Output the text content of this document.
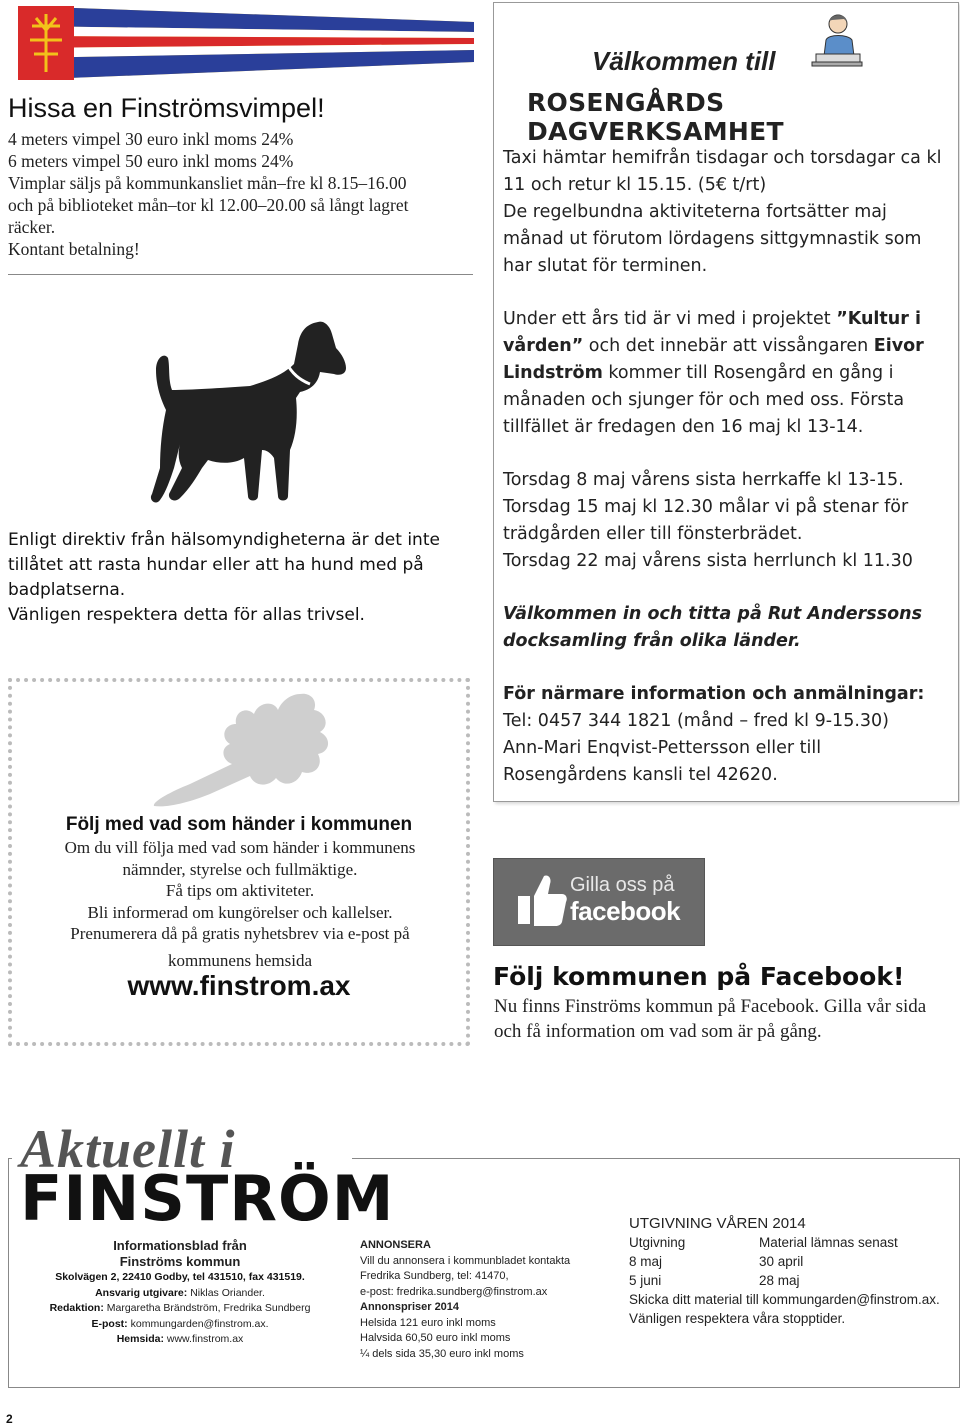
Hissa en Finströmsvimpel!
4 meters vimpel 30 euro inkl moms 24%
6 meters vimpel 50 euro inkl moms 24%
Vimplar säljs på kommunkansliet mån–fre kl 8.15–16.00
och på biblioteket mån–tor kl 12.00–20.00 så långt lagret
räcker.
Kontant betalning!
Enligt direktiv från hälsomyndigheterna är det inte
tillåtet att rasta hundar eller att ha hund med på
badplatserna.
Vänligen respektera detta för allas trivsel.
Följ med vad som händer i kommunen
Om du vill följa med vad som händer i kommunens
nämnder, styrelse och fullmäktige.
Få tips om aktiviteter.
Bli informerad om kungörelser och kallelser.
Prenumerera då på gratis nyhetsbrev via e-post på
kommunens hemsida
www.finstrom.ax
Välkommen till
ROSENGÅRDS DAGVERKSAMHET

Taxi hämtar hemifrån tisdagar och torsdagar ca kl 11 och retur kl 15.15. (5€ t/rt)
De regelbundna aktiviteterna fortsätter maj månad ut förutom lördagens sittgymnastik som har slutat för terminen.

Under ett års tid är vi med i projektet ”Kultur i vården” och det innebär att vissångaren Eivor Lindström kommer till Rosengård en gång i månaden och sjunger för och med oss. Första tillfället är fredagen den 16 maj kl 13-14.

Torsdag 8 maj vårens sista herrkaffe kl 13-15.
Torsdag 15 maj kl 12.30 målar vi på stenar för trädgården eller till fönsterbrädet.
Torsdag 22 maj vårens sista herrlunch kl 11.30

Välkommen in och titta på Rut Anderssons docksamling från olika länder.

För närmare information och anmälningar:
Tel: 0457 344 1821 (månd – fred kl 9-15.30)
Ann-Mari Enqvist-Pettersson eller till
Rosengårdens kansli tel 42620.

Gilla oss på
facebook
Följ kommunen på Facebook!
Nu finns Finströms kommun på Facebook. Gilla vår sida och få information om vad som är på gång.
Aktuellt i
FINSTRÖM
Informationsblad från
Finströms kommun
Skolvägen 2, 22410 Godby, tel 431510, fax 431519.
Ansvarig utgivare: Niklas Oriander.
Redaktion: Margaretha Brändström, Fredrika Sundberg
E-post: kommungarden@finstrom.ax.
Hemsida: www.finstrom.ax
ANNONSERA
Vill du annonsera i kommunbladet kontakta
Fredrika Sundberg, tel: 41470,
e-post: fredrika.sundberg@finstrom.ax
Annonspriser 2014
Helsida 121 euro inkl moms
Halvsida 60,50 euro inkl moms
¼ dels sida 35,30 euro inkl moms
UTGIVNING VÅREN 2014
Utgivning	Material lämnas senast
8 maj	30 april
5 juni	28 maj
Skicka ditt material till kommungarden@finstrom.ax.
Vänligen respektera våra stopptider.
2
